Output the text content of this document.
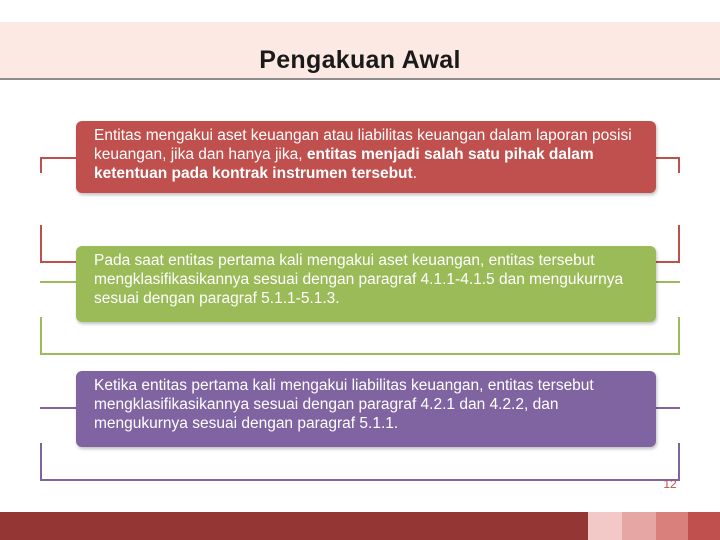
Pengakuan Awal
Entitas mengakui aset keuangan atau liabilitas keuangan dalam laporan posisi keuangan, jika dan hanya jika, entitas menjadi salah satu pihak dalam ketentuan pada kontrak instrumen tersebut.
Pada saat entitas pertama kali mengakui aset keuangan, entitas tersebut mengklasifikasikannya sesuai dengan paragraf 4.1.1-4.1.5 dan mengukurnya sesuai dengan paragraf 5.1.1-5.1.3.
Ketika entitas pertama kali mengakui liabilitas keuangan, entitas tersebut mengklasifikasikannya sesuai dengan paragraf 4.2.1 dan 4.2.2, dan mengukurnya sesuai dengan paragraf 5.1.1.
12
